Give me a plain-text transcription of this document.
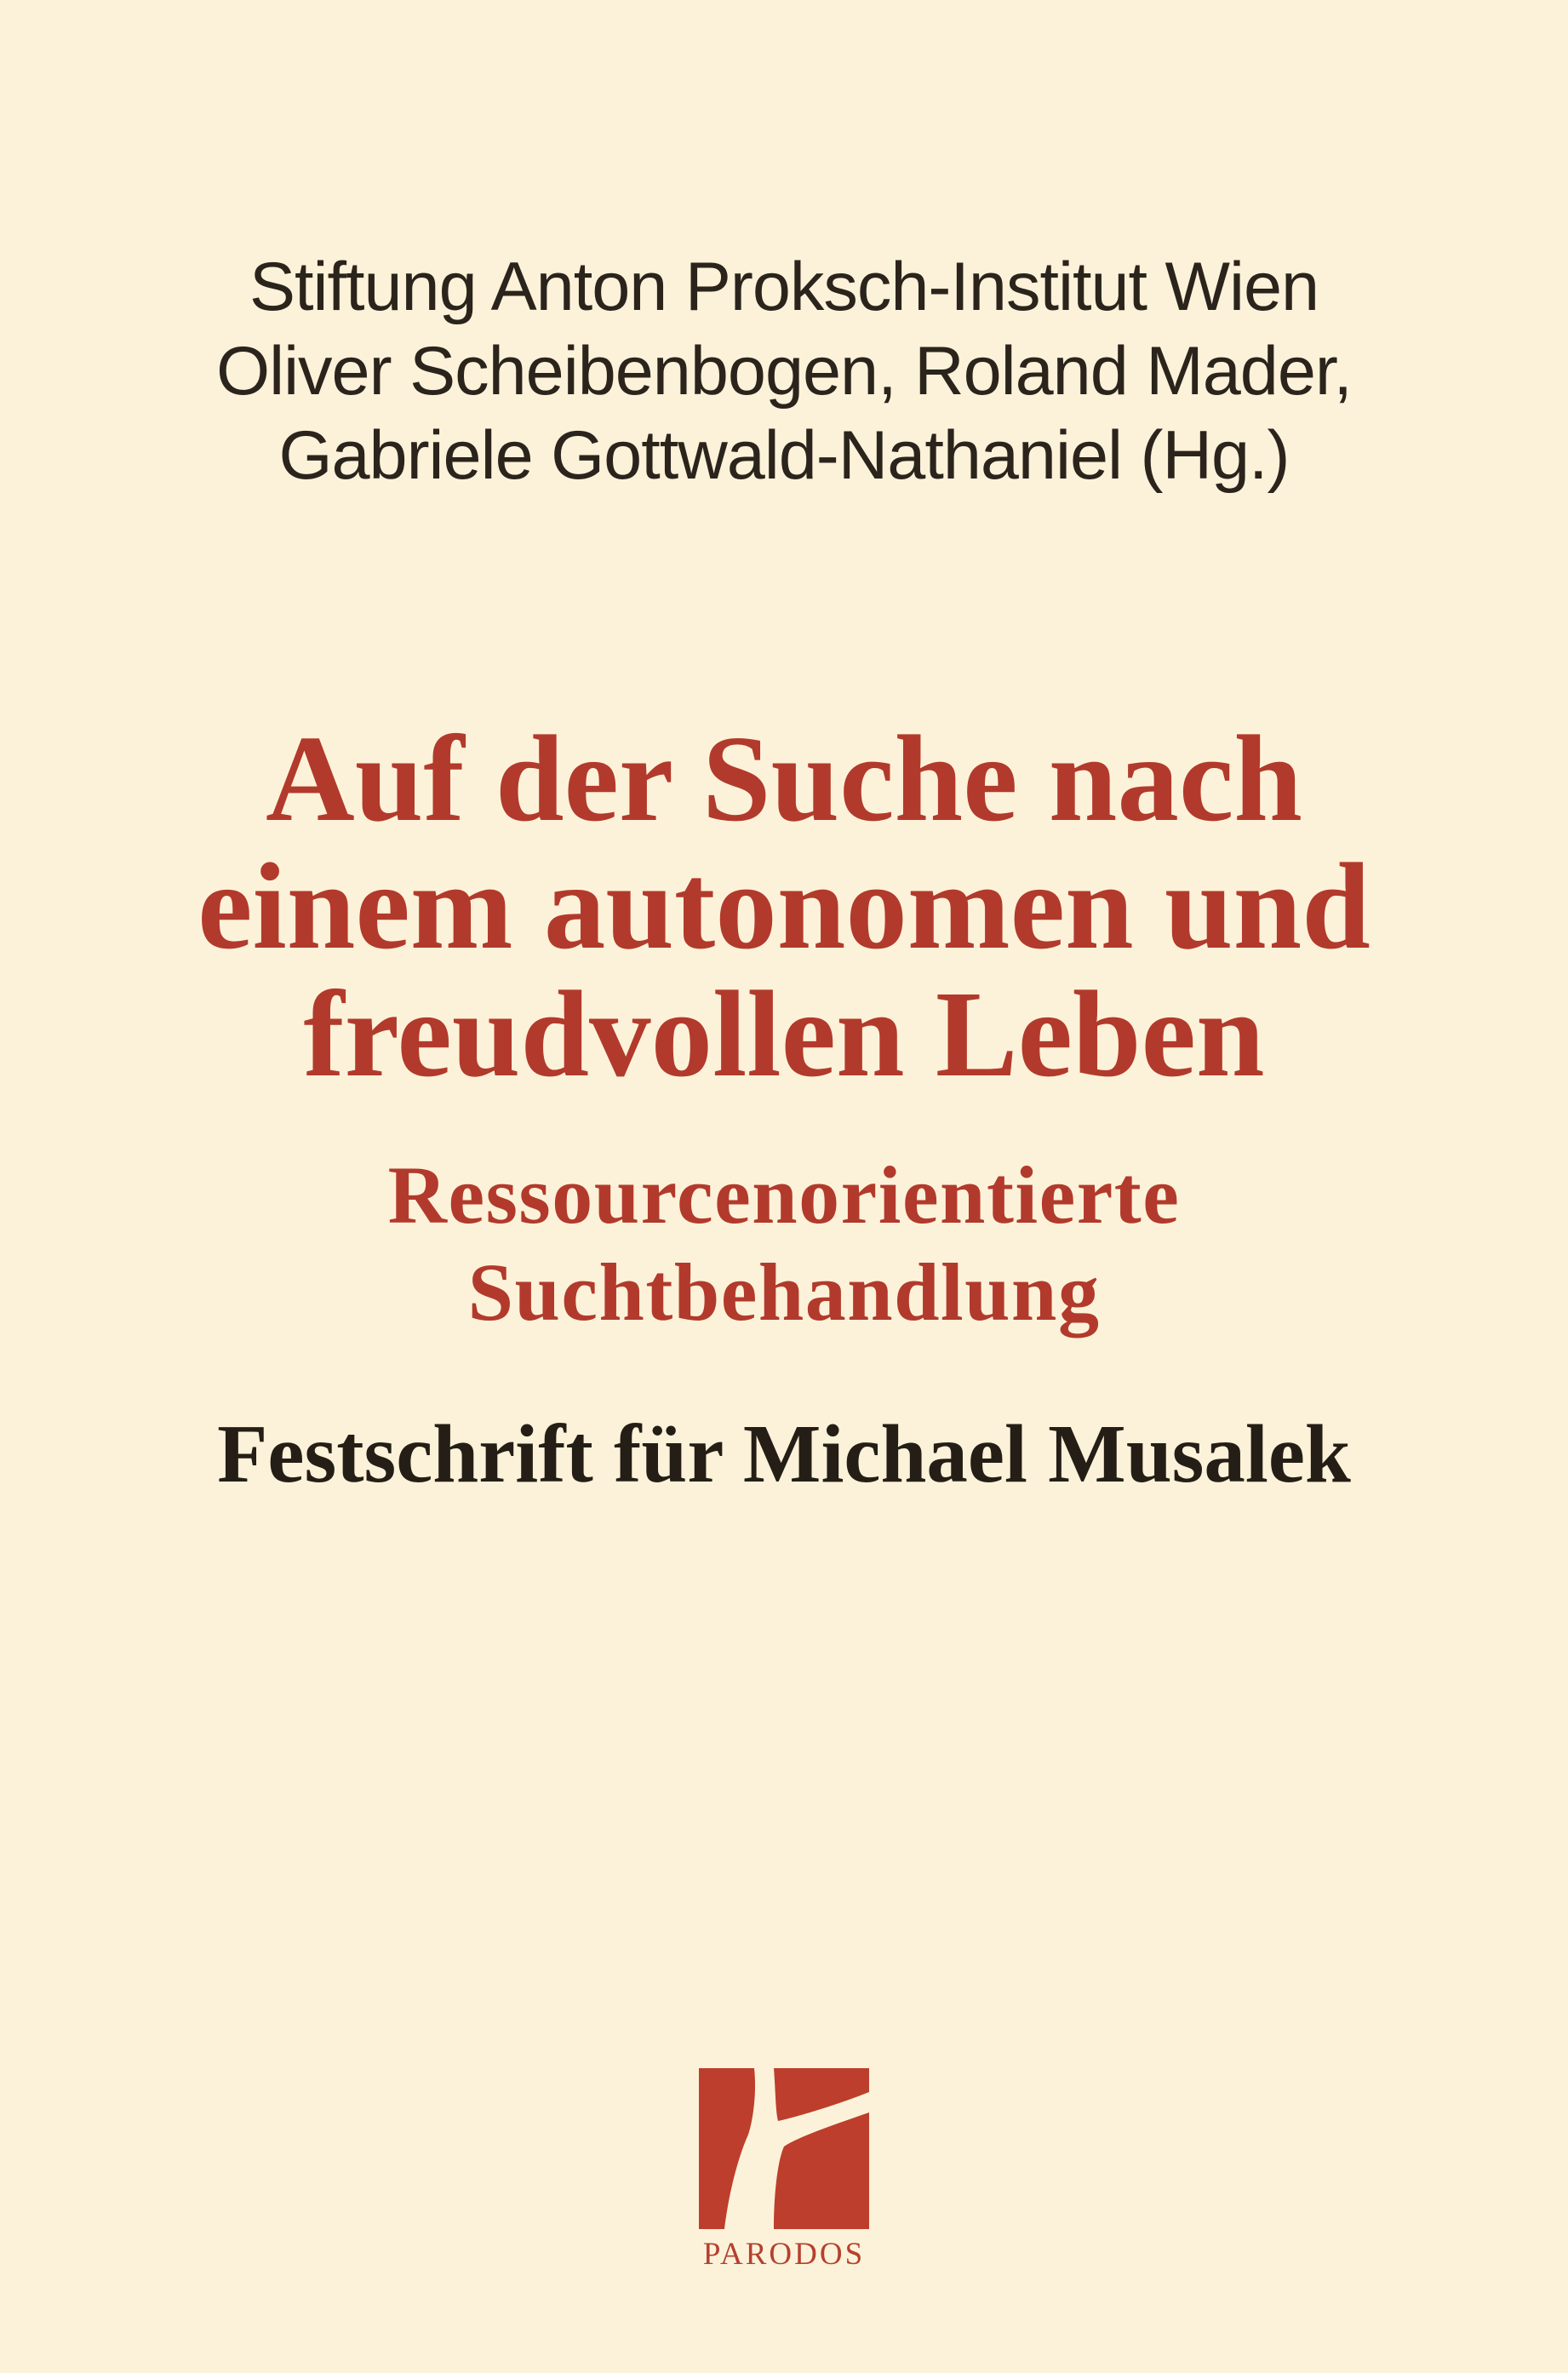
Stiftung Anton Proksch-Institut Wien
Oliver Scheibenbogen, Roland Mader,
Gabriele Gottwald-Nathaniel (Hg.)
Auf der Suche nach
einem autonomen und
freudvollen Leben
Ressourcenorientierte
Suchtbehandlung
Festschrift für Michael Musalek
PARODOS
